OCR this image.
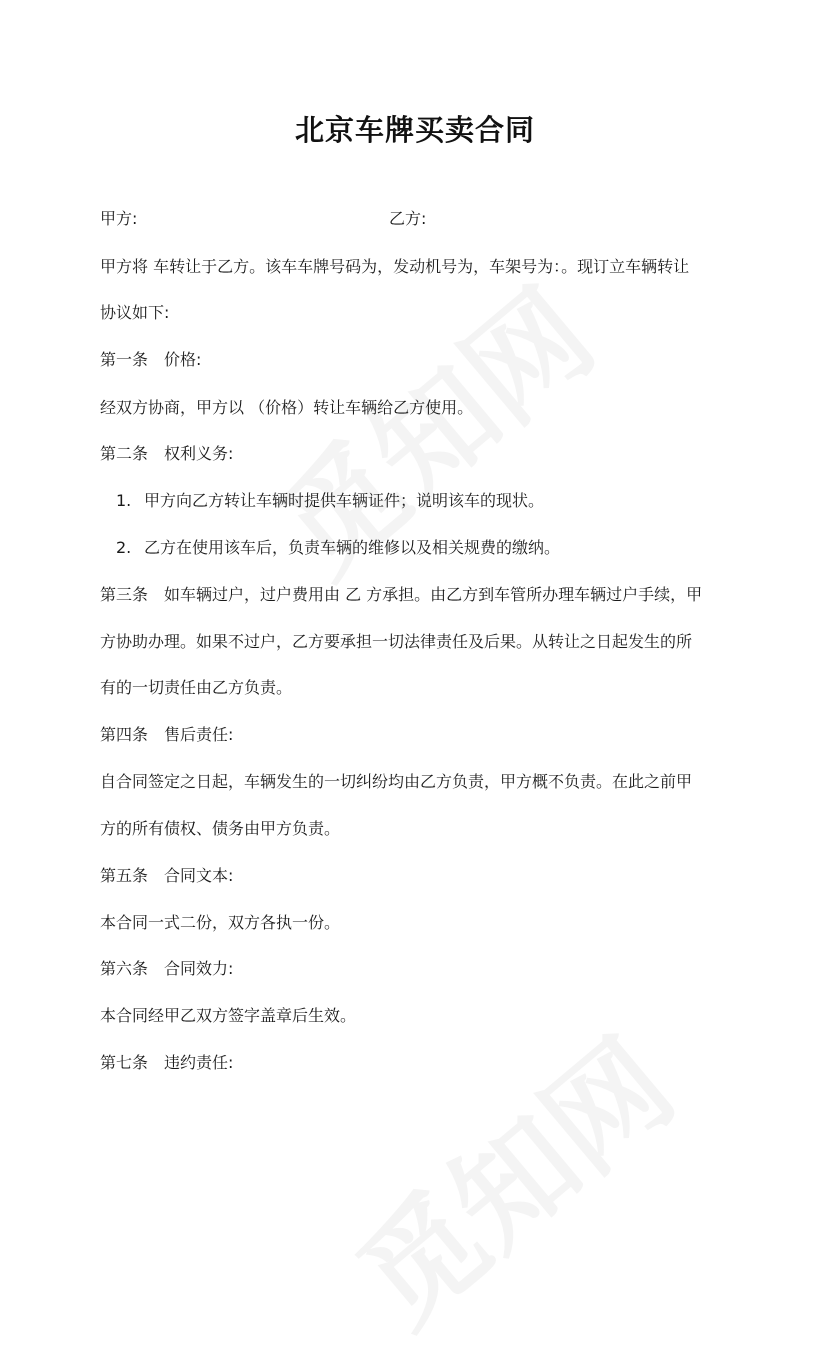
北京车牌买卖合同
甲方:	乙方:
甲方将 车转让于乙方。该车车牌号码为，发动机号为，车架号为：。现订立车辆转让
协议如下:
第一条　价格:
经双方协商，甲方以 （价格）转让车辆给乙方使用。
第二条　权利义务:
1. 甲方向乙方转让车辆时提供车辆证件；说明该车的现状。
2. 乙方在使用该车后，负责车辆的维修以及相关规费的缴纳。
第三条　如车辆过户，过户费用由 乙 方承担。由乙方到车管所办理车辆过户手续，甲
方协助办理。如果不过户，乙方要承担一切法律责任及后果。从转让之日起发生的所
有的一切责任由乙方负责。
第四条　售后责任:
自合同签定之日起，车辆发生的一切纠纷均由乙方负责，甲方概不负责。在此之前甲
方的所有债权、债务由甲方负责。
第五条　合同文本:
本合同一式二份，双方各执一份。
第六条　合同效力:
本合同经甲乙双方签字盖章后生效。
第七条　违约责任:
